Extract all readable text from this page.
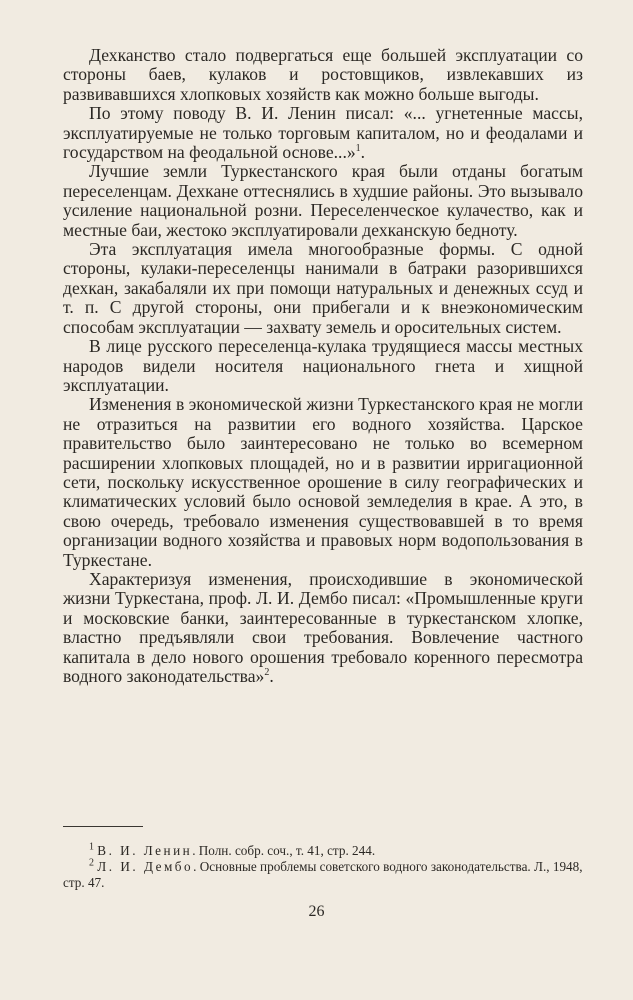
Дехканство стало подвергаться еще большей эксплуатации со стороны баев, кулаков и ростовщиков, извлекавших из развивавшихся хлопковых хозяйств как можно больше выгоды.

По этому поводу В. И. Ленин писал: «... угнетенные массы, эксплуатируемые не только торговым капиталом, но и феодалами и государством на феодальной основе...»$^1$.

Лучшие земли Туркестанского края были отданы богатым переселенцам. Дехкане оттеснялись в худшие районы. Это вызывало усиление национальной розни. Переселенческое кулачество, как и местные баи, жестоко эксплуатировали дехканскую бедноту.

Эта эксплуатация имела многообразные формы. С одной стороны, кулаки-переселенцы нанимали в батраки разорившихся дехкан, закабаляли их при помощи натуральных и денежных ссуд и т. п. С другой стороны, они прибегали и к внеэкономическим способам эксплуатации — захвату земель и оросительных систем.

В лице русского переселенца-кулака трудящиеся массы местных народов видели носителя национального гнета и хищной эксплуатации.

Изменения в экономической жизни Туркестанского края не могли не отразиться на развитии его водного хозяйства. Царское правительство было заинтересовано не только во всемерном расширении хлопковых площадей, но и в развитии ирригационной сети, поскольку искусственное орошение в силу географических и климатических условий было основой земледелия в крае. А это, в свою очередь, требовало изменения существовавшей в то время организации водного хозяйства и правовых норм водопользования в Туркестане.

Характеризуя изменения, происходившие в экономической жизни Туркестана, проф. Л. И. Дембо писал: «Промышленные круги и московские банки, заинтересованные в туркестанском хлопке, властно предъявляли свои требования. Вовлечение частного капитала в дело нового орошения требовало коренного пересмотра водного законодательства»$^2$.

$^1$ В. И. Ленин. Полн. собр. соч., т. 41, стр. 244.

$^2$ Л. И. Дембо. Основные проблемы советского водного законодательства. Л., 1948, стр. 47.

26
